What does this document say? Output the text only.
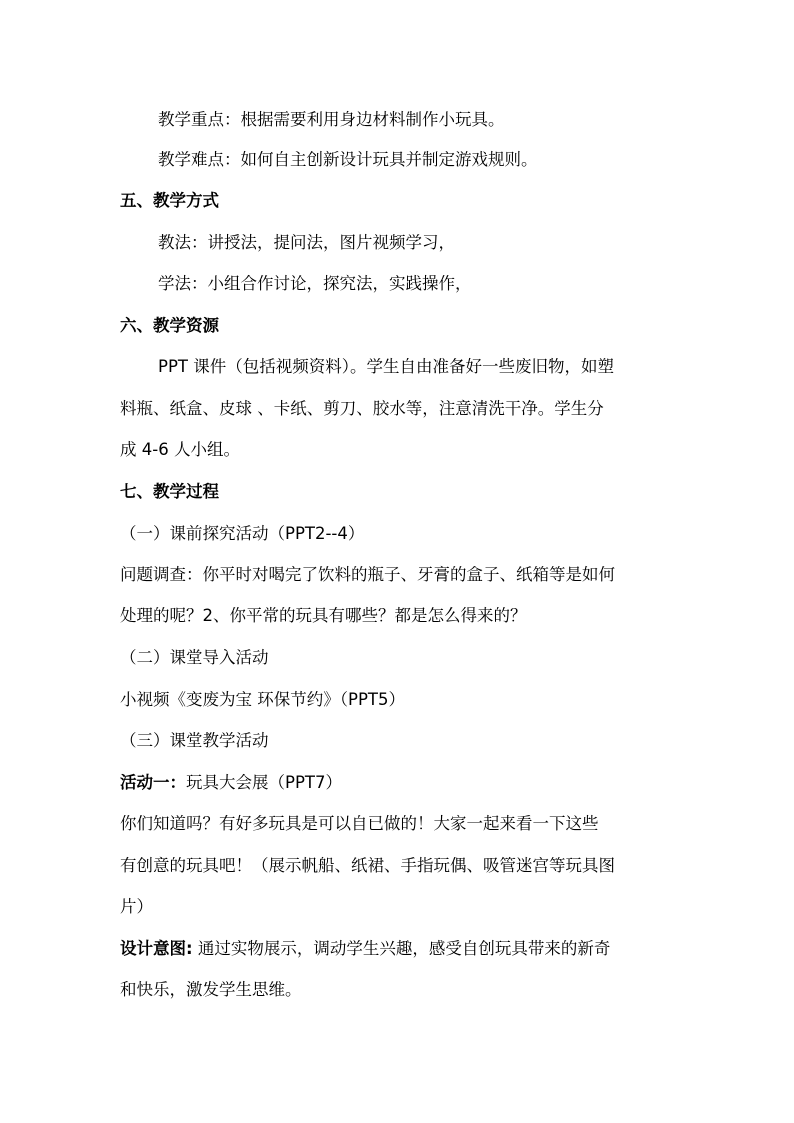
教学重点：根据需要利用身边材料制作小玩具。
教学难点：如何自主创新设计玩具并制定游戏规则。
五、教学方式
教法：讲授法，提问法，图片视频学习，
学法：小组合作讨论，探究法，实践操作，
六、教学资源
PPT 课件（包括视频资料）。学生自由准备好一些废旧物，如塑
料瓶、纸盒、皮球 、卡纸、剪刀、胶水等，注意清洗干净。学生分
成 4-6 人小组。
七、教学过程
（一）课前探究活动（PPT2--4）
问题调查：你平时对喝完了饮料的瓶子、牙膏的盒子、纸箱等是如何
处理的呢？2、你平常的玩具有哪些？都是怎么得来的？
（二）课堂导入活动
小视频《变废为宝 环保节约》（PPT5）
（三）课堂教学活动
活动一：玩具大会展（PPT7）
你们知道吗？有好多玩具是可以自已做的！大家一起来看一下这些
有创意的玩具吧！（展示帆船、纸裙、手指玩偶、吸管迷宫等玩具图
片）
设计意图: 通过实物展示，调动学生兴趣，感受自创玩具带来的新奇
和快乐，激发学生思维。
